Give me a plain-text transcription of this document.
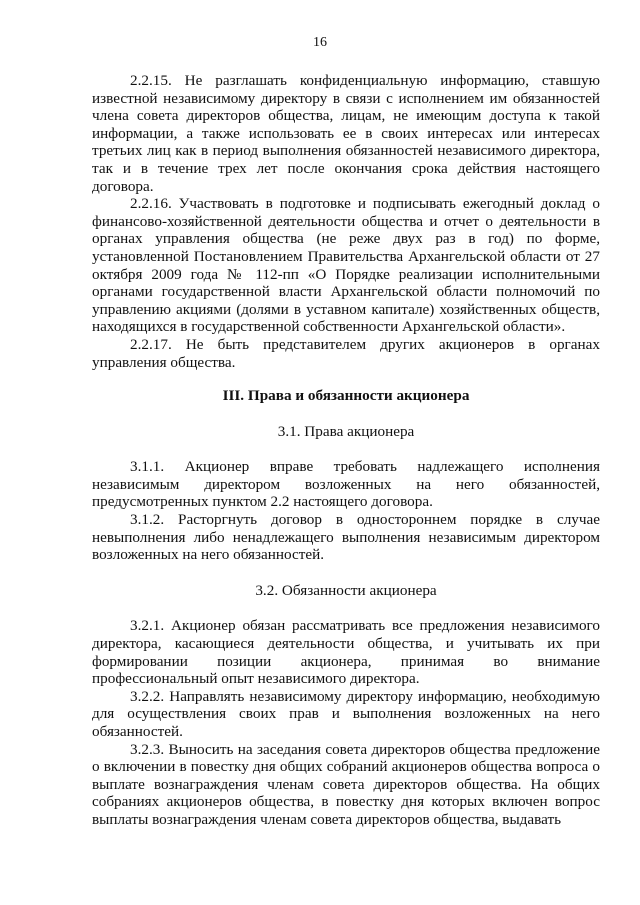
16

2.2.15. Не разглашать конфиденциальную информацию, ставшую известной независимому директору в связи с исполнением им обязанностей члена совета директоров общества, лицам, не имеющим доступа к такой информации, а также использовать ее в своих интересах или интересах третьих лиц как в период выполнения обязанностей независимого директора, так и в течение трех лет после окончания срока действия настоящего договора.

2.2.16. Участвовать в подготовке и подписывать ежегодный доклад о финансово-хозяйственной деятельности общества и отчет о деятельности в органах управления общества (не реже двух раз в год) по форме, установленной Постановлением Правительства Архангельской области от 27 октября 2009 года № 112-пп «О Порядке реализации исполнительными органами государственной власти Архангельской области полномочий по управлению акциями (долями в уставном капитале) хозяйственных обществ, находящихся в государственной собственности Архангельской области».

2.2.17. Не быть представителем других акционеров в органах управления общества.

III. Права и обязанности акционера
3.1. Права акционера

3.1.1. Акционер вправе требовать надлежащего исполнения независимым директором возложенных на него обязанностей, предусмотренных пунктом 2.2 настоящего договора.

3.1.2. Расторгнуть договор в одностороннем порядке в случае невыполнения либо ненадлежащего выполнения независимым директором возложенных на него обязанностей.

3.2. Обязанности акционера

3.2.1. Акционер обязан рассматривать все предложения независимого директора, касающиеся деятельности общества, и учитывать их при формировании позиции акционера, принимая во внимание профессиональный опыт независимого директора.

3.2.2. Направлять независимому директору информацию, необходимую для осуществления своих прав и выполнения возложенных на него обязанностей.

3.2.3. Выносить на заседания совета директоров общества предложение о включении в повестку дня общих собраний акционеров общества вопроса о выплате вознаграждения членам совета директоров общества. На общих собраниях акционеров общества, в повестку дня которых включен вопрос выплаты вознаграждения членам совета директоров общества, выдавать
